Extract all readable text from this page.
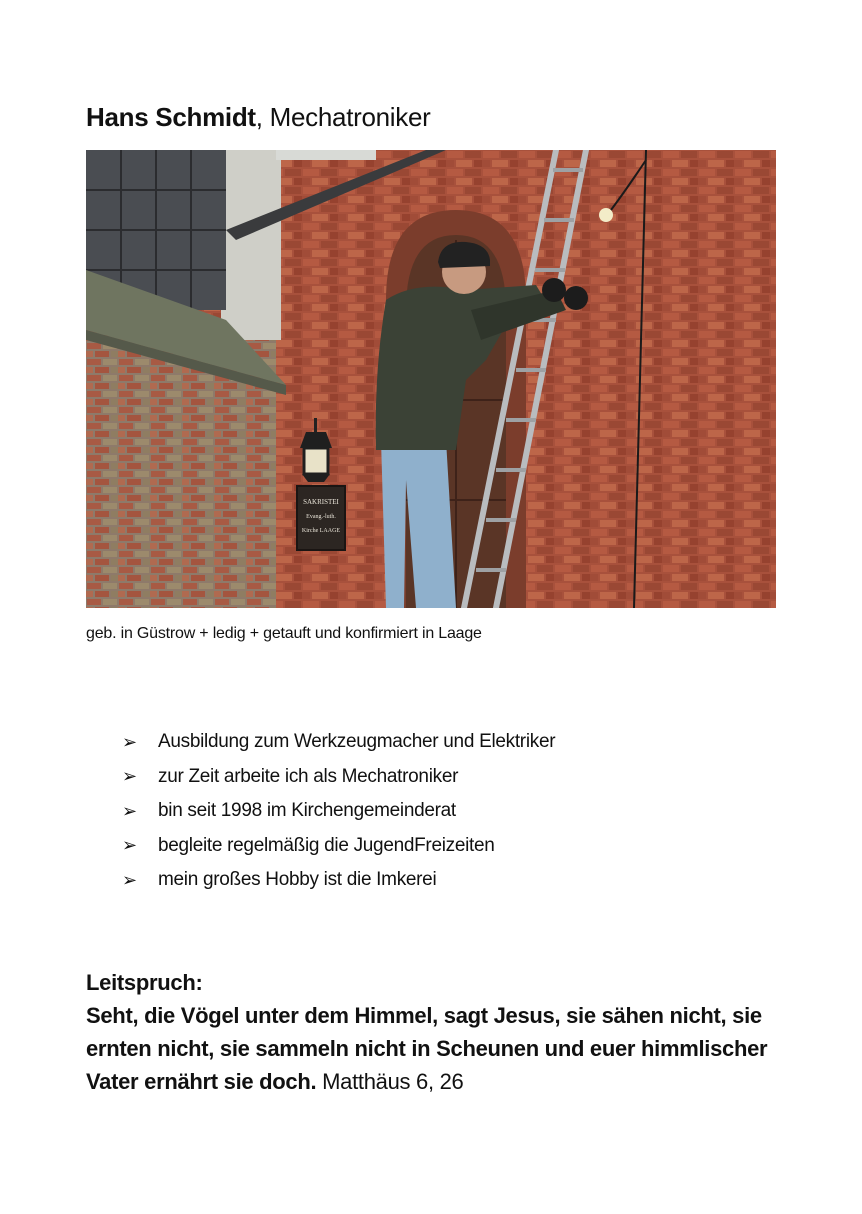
Hans Schmidt, Mechatroniker
SAKRISTEI
Evang.-luth.
Kirche LAAGE
geb. in Güstrow + ledig + getauft und konfirmiert in Laage
➢	Ausbildung zum Werkzeugmacher und Elektriker
➢	zur Zeit arbeite ich als Mechatroniker
➢	bin seit 1998 im Kirchengemeinderat
➢	begleite regelmäßig die JugendFreizeiten
➢	mein großes Hobby ist die Imkerei
Leitspruch:
Seht, die Vögel unter dem Himmel, sagt Jesus, sie sähen nicht, sie ernten nicht, sie sammeln nicht in Scheunen und euer himmlischer Vater ernährt sie doch. Matthäus 6, 26
